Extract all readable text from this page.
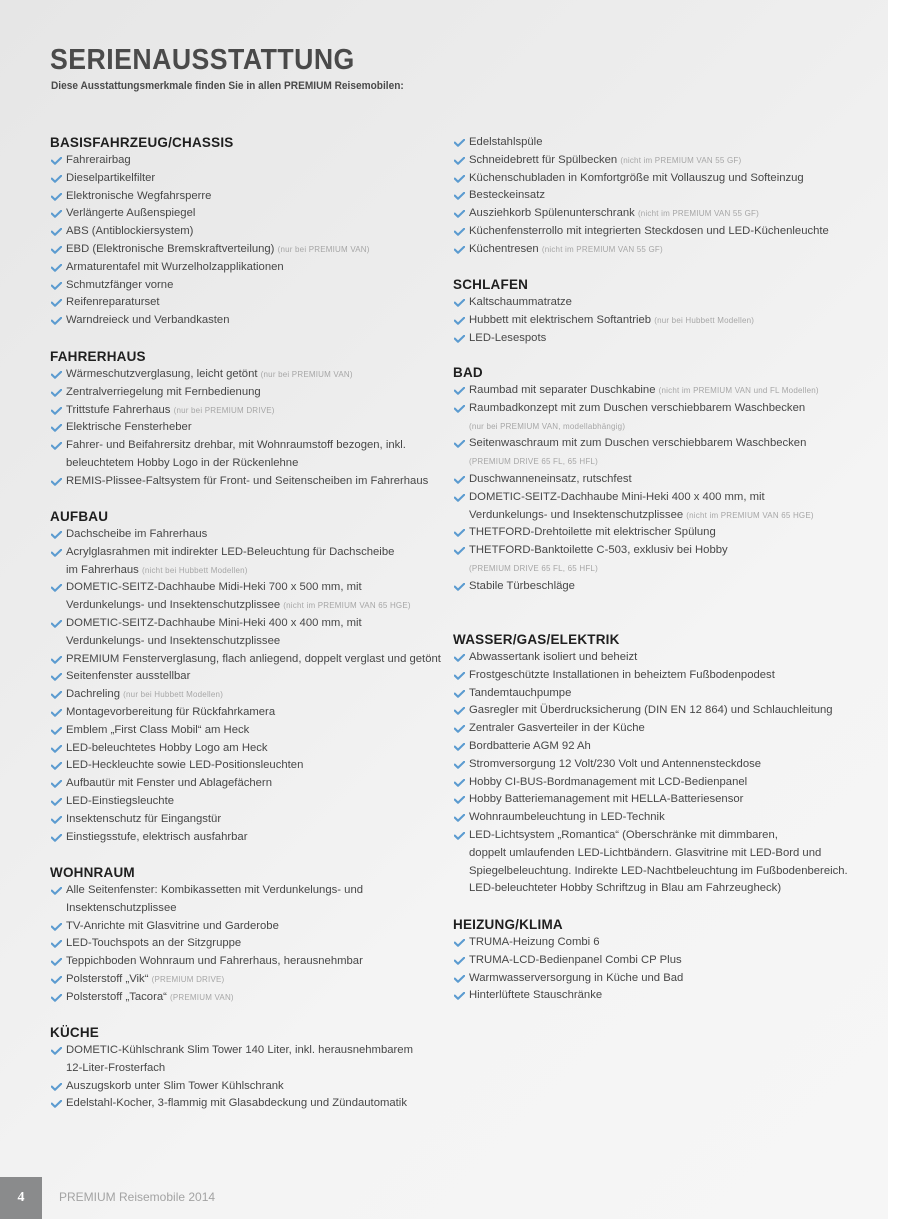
SERIENAUSSTATTUNG
Diese Ausstattungsmerkmale finden Sie in allen PREMIUM Reisemobilen:
BASISFAHRZEUG/CHASSIS
Fahrerairbag
Dieselpartikelfilter
Elektronische Wegfahrsperre
Verlängerte Außenspiegel
ABS (Antiblockiersystem)
EBD (Elektronische Bremskraftverteilung) (nur bei PREMIUM VAN)
Armaturentafel mit Wurzelholzapplikationen
Schmutzfänger vorne
Reifenreparaturset
Warndreieck und Verbandkasten
FAHRERHAUS
Wärmeschutzverglasung, leicht getönt (nur bei PREMIUM VAN)
Zentralverriegelung mit Fernbedienung
Trittstufe Fahrerhaus (nur bei PREMIUM DRIVE)
Elektrische Fensterheber
Fahrer- und Beifahrersitz drehbar, mit Wohnraumstoff bezogen, inkl.
beleuchtetem Hobby Logo in der Rückenlehne
REMIS-Plissee-Faltsystem für Front- und Seitenscheiben im Fahrerhaus
AUFBAU
Dachscheibe im Fahrerhaus
Acrylglasrahmen mit indirekter LED-Beleuchtung für Dachscheibe
im Fahrerhaus (nicht bei Hubbett Modellen)
DOMETIC-SEITZ-Dachhaube Midi-Heki 700 x 500 mm, mit
Verdunkelungs- und Insektenschutzplissee (nicht im PREMIUM VAN 65 HGE)
DOMETIC-SEITZ-Dachhaube Mini-Heki 400 x 400 mm, mit
Verdunkelungs- und Insektenschutzplissee
PREMIUM Fensterverglasung, flach anliegend, doppelt verglast und getönt
Seitenfenster ausstellbar
Dachreling (nur bei Hubbett Modellen)
Montagevorbereitung für Rückfahrkamera
Emblem „First Class Mobil“ am Heck
LED-beleuchtetes Hobby Logo am Heck
LED-Heckleuchte sowie LED-Positionsleuchten
Aufbautür mit Fenster und Ablagefächern
LED-Einstiegsleuchte
Insektenschutz für Eingangstür
Einstiegsstufe, elektrisch ausfahrbar
WOHNRAUM
Alle Seitenfenster: Kombikassetten mit Verdunkelungs- und
Insektenschutzplissee
TV-Anrichte mit Glasvitrine und Garderobe
LED-Touchspots an der Sitzgruppe
Teppichboden Wohnraum und Fahrerhaus, herausnehmbar
Polsterstoff „Vik“ (PREMIUM DRIVE)
Polsterstoff „Tacora“ (PREMIUM VAN)
KÜCHE
DOMETIC-Kühlschrank Slim Tower 140 Liter, inkl. herausnehmbarem
12-Liter-Frosterfach
Auszugskorb unter Slim Tower Kühlschrank
Edelstahl-Kocher, 3-flammig mit Glasabdeckung und Zündautomatik
Edelstahlspüle
Schneidebrett für Spülbecken (nicht im PREMIUM VAN 55 GF)
Küchenschubladen in Komfortgröße mit Vollauszug und Softeinzug
Besteckeinsatz
Ausziehkorb Spülenunterschrank (nicht im PREMIUM VAN 55 GF)
Küchenfensterrollo mit integrierten Steckdosen und LED-Küchenleuchte
Küchentresen (nicht im PREMIUM VAN 55 GF)
SCHLAFEN
Kaltschaummatratze
Hubbett mit elektrischem Softantrieb (nur bei Hubbett Modellen)
LED-Lesespots
BAD
Raumbad mit separater Duschkabine (nicht im PREMIUM VAN und FL Modellen)
Raumbadkonzept mit zum Duschen verschiebbarem Waschbecken
(nur bei PREMIUM VAN, modellabhängig)
Seitenwaschraum mit zum Duschen verschiebbarem Waschbecken
(PREMIUM DRIVE 65 FL, 65 HFL)
Duschwanneneinsatz, rutschfest
DOMETIC-SEITZ-Dachhaube Mini-Heki 400 x 400 mm, mit
Verdunkelungs- und Insektenschutzplissee (nicht im PREMIUM VAN 65 HGE)
THETFORD-Drehtoilette mit elektrischer Spülung
THETFORD-Banktoilette C-503, exklusiv bei Hobby
(PREMIUM DRIVE 65 FL, 65 HFL)
Stabile Türbeschläge
WASSER/GAS/ELEKTRIK
Abwassertank isoliert und beheizt
Frostgeschützte Installationen in beheiztem Fußbodenpodest
Tandemtauchpumpe
Gasregler mit Überdrucksicherung (DIN EN 12 864) und Schlauchleitung
Zentraler Gasverteiler in der Küche
Bordbatterie AGM 92 Ah
Stromversorgung 12 Volt/230 Volt und Antennensteckdose
Hobby CI-BUS-Bordmanagement mit LCD-Bedienpanel
Hobby Batteriemanagement mit HELLA-Batteriesensor
Wohnraumbeleuchtung in LED-Technik
LED-Lichtsystem „Romantica“ (Oberschränke mit dimmbaren,
doppelt umlaufenden LED-Lichtbändern. Glasvitrine mit LED-Bord und
Spiegelbeleuchtung. Indirekte LED-Nachtbeleuchtung im Fußbodenbereich.
LED-beleuchteter Hobby Schriftzug in Blau am Fahrzeugheck)
HEIZUNG/KLIMA
TRUMA-Heizung Combi 6
TRUMA-LCD-Bedienpanel Combi CP Plus
Warmwasserversorgung in Küche und Bad
Hinterlüftete Stauschränke
4	PREMIUM Reisemobile 2014
